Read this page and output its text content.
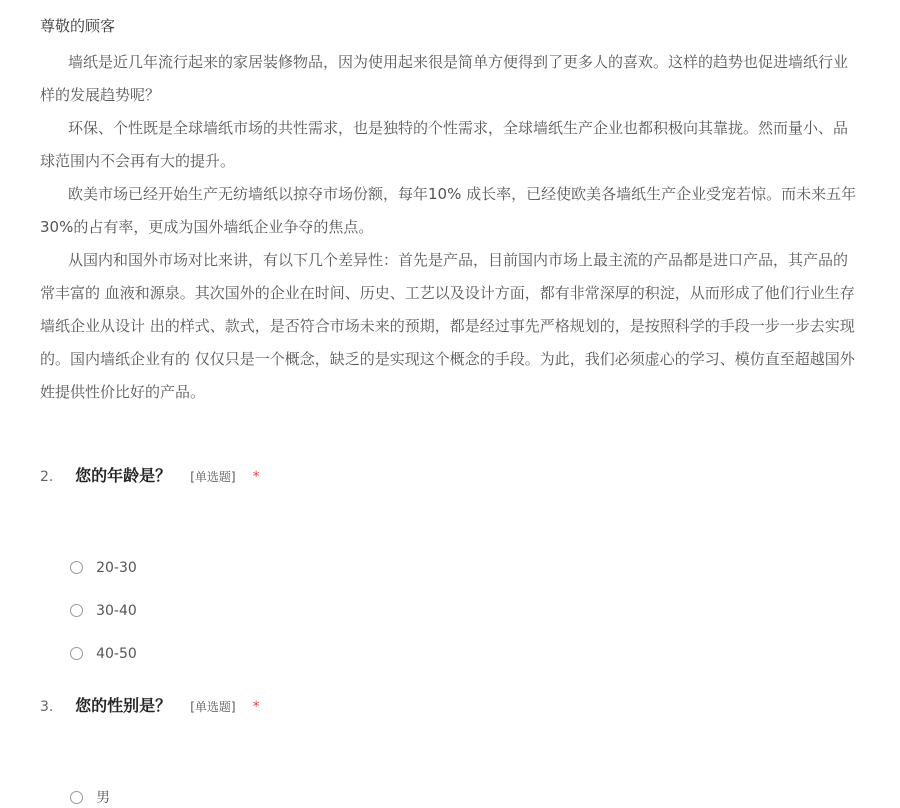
尊敬的顾客
墙纸是近几年流行起来的家居装修物品，因为使用起来很是简单方便得到了更多人的喜欢。这样的趋势也促进墙纸行业
样的发展趋势呢？
环保、个性既是全球墙纸市场的共性需求，也是独特的个性需求，全球墙纸生产企业也都积极向其靠拢。然而量小、品
球范围内不会再有大的提升。
欧美市场已经开始生产无纺墙纸以掠夺市场份额，每年10% 成长率，已经使欧美各墙纸生产企业受宠若惊。而未来五年
30%的占有率，更成为国外墙纸企业争夺的焦点。
从国内和国外市场对比来讲，有以下几个差异性：首先是产品，目前国内市场上最主流的产品都是进口产品，其产品的
常丰富的 血液和源泉。其次国外的企业在时间、历史、工艺以及设计方面，都有非常深厚的积淀，从而形成了他们行业生存
墙纸企业从设计 出的样式、款式，是否符合市场未来的预期，都是经过事先严格规划的，是按照科学的手段一步一步去实现
的。国内墙纸企业有的 仅仅只是一个概念，缺乏的是实现这个概念的手段。为此，我们必须虚心的学习、模仿直至超越国外
姓提供性价比好的产品。
2. 您的年龄是？ [单选题] *
20-30
30-40
40-50
3. 您的性别是？ [单选题] *
男
